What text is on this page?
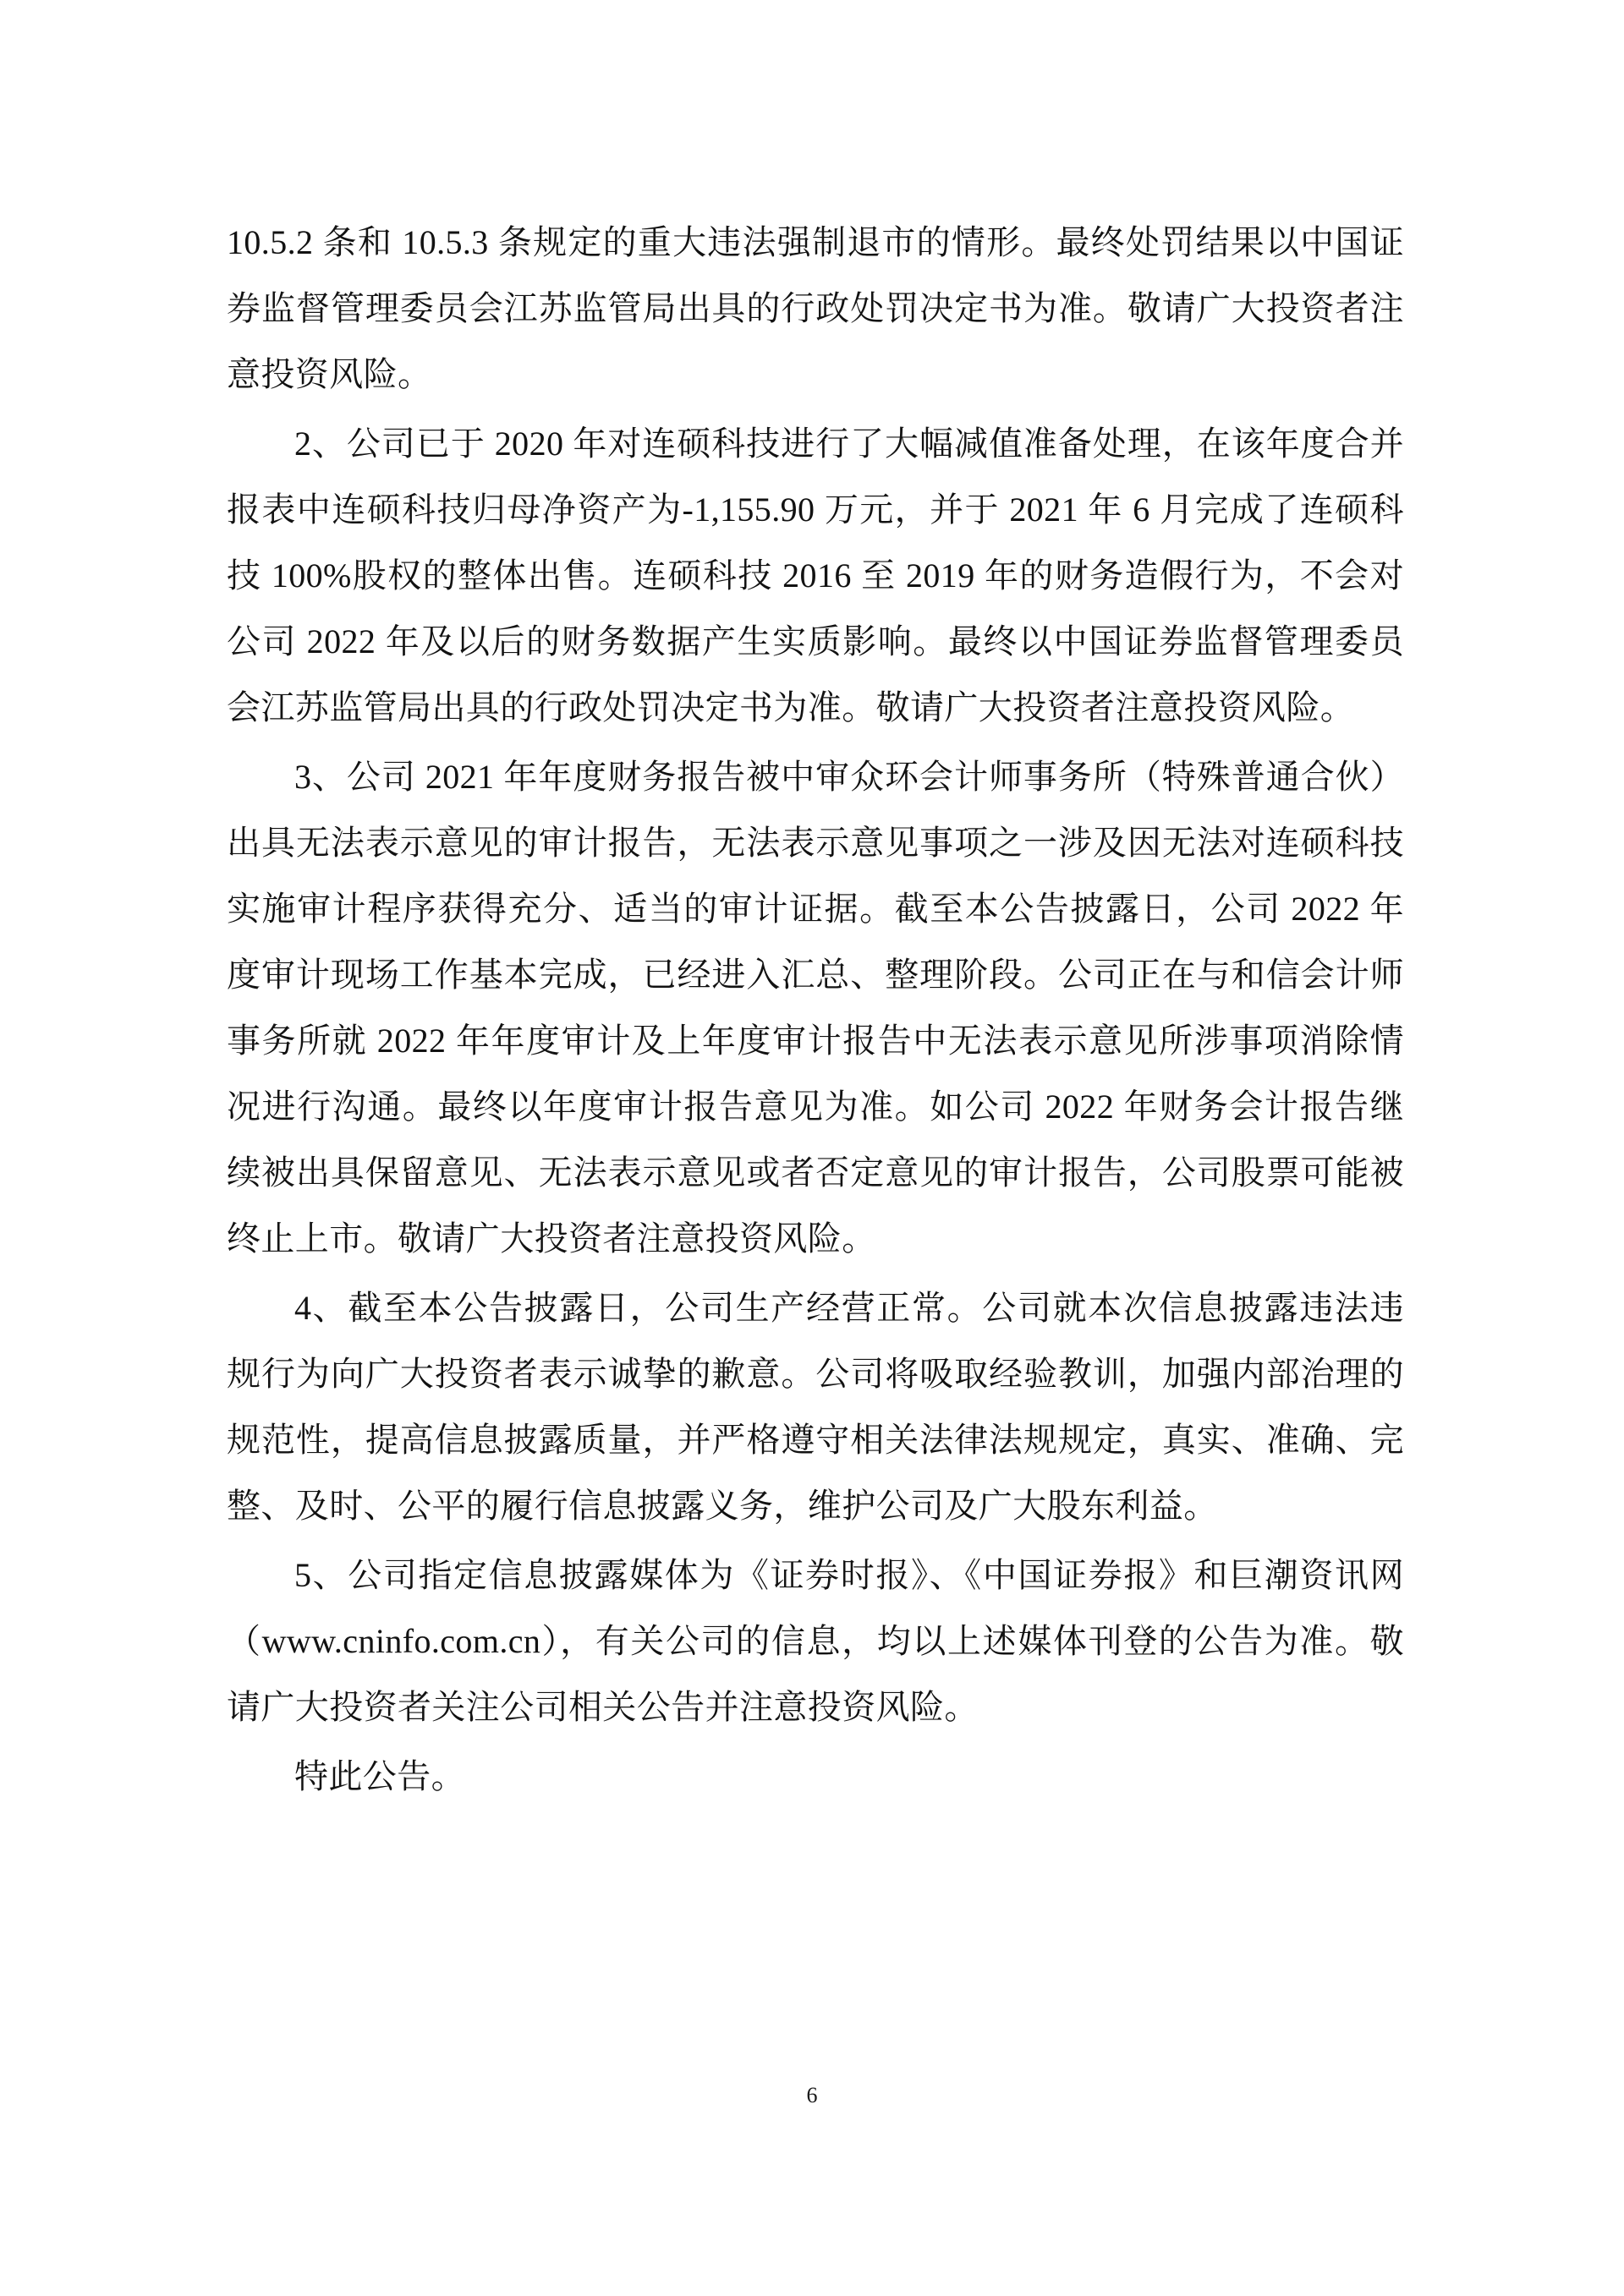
10.5.2 条和 10.5.3 条规定的重大违法强制退市的情形。最终处罚结果以中国证券监督管理委员会江苏监管局出具的行政处罚决定书为准。敬请广大投资者注意投资风险。

2、公司已于 2020 年对连硕科技进行了大幅减值准备处理，在该年度合并报表中连硕科技归母净资产为-1,155.90 万元，并于 2021 年 6 月完成了连硕科技 100%股权的整体出售。连硕科技 2016 至 2019 年的财务造假行为，不会对公司 2022 年及以后的财务数据产生实质影响。最终以中国证券监督管理委员会江苏监管局出具的行政处罚决定书为准。敬请广大投资者注意投资风险。

3、公司 2021 年年度财务报告被中审众环会计师事务所（特殊普通合伙）出具无法表示意见的审计报告，无法表示意见事项之一涉及因无法对连硕科技实施审计程序获得充分、适当的审计证据。截至本公告披露日，公司 2022 年度审计现场工作基本完成，已经进入汇总、整理阶段。公司正在与和信会计师事务所就 2022 年年度审计及上年度审计报告中无法表示意见所涉事项消除情况进行沟通。最终以年度审计报告意见为准。如公司 2022 年财务会计报告继续被出具保留意见、无法表示意见或者否定意见的审计报告，公司股票可能被终止上市。敬请广大投资者注意投资风险。

4、截至本公告披露日，公司生产经营正常。公司就本次信息披露违法违规行为向广大投资者表示诚挚的歉意。公司将吸取经验教训，加强内部治理的规范性，提高信息披露质量，并严格遵守相关法律法规规定，真实、准确、完整、及时、公平的履行信息披露义务，维护公司及广大股东利益。

5、公司指定信息披露媒体为《证券时报》、《中国证券报》和巨潮资讯网（www.cninfo.com.cn），有关公司的信息，均以上述媒体刊登的公告为准。敬请广大投资者关注公司相关公告并注意投资风险。

特此公告。

6
